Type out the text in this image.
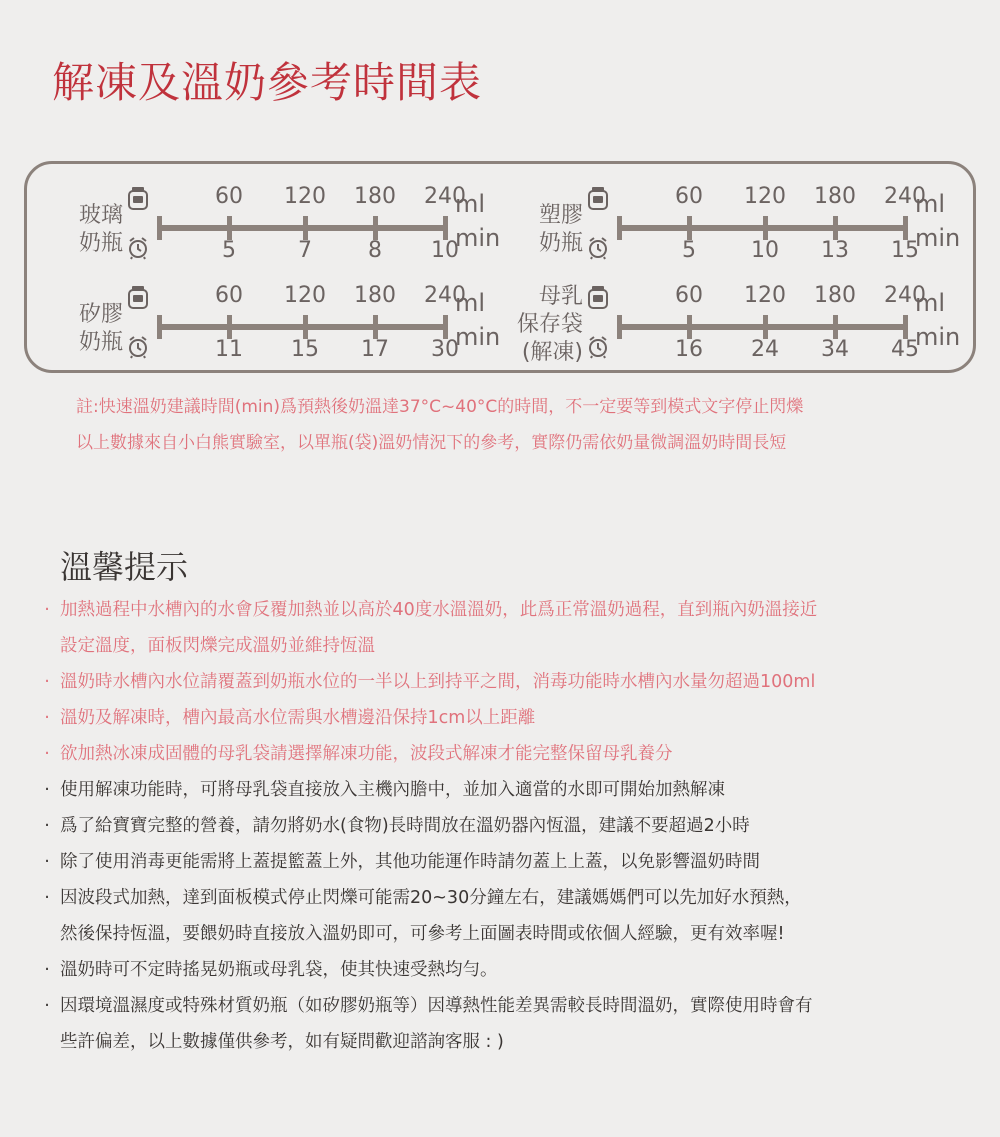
解凍及溫奶參考時間表
玻璃
奶瓶
60
5
120
7
180
8
240
10
ml
min
塑膠
奶瓶
60
5
120
10
180
13
240
15
ml
min
矽膠
奶瓶
60
11
120
15
180
17
240
30
ml
min
母乳
保存袋
(解凍)
60
16
120
24
180
34
240
45
ml
min
註:快速溫奶建議時間(min)爲預熱後奶溫達37°C~40°C的時間，不一定要等到模式文字停止閃爍
以上數據來自小白熊實驗室，以單瓶(袋)溫奶情況下的參考，實際仍需依奶量微調溫奶時間長短
溫馨提示
· 加熱過程中水槽內的水會反覆加熱並以高於40度水溫溫奶，此爲正常溫奶過程，直到瓶內奶溫接近
設定溫度，面板閃爍完成溫奶並維持恆溫
· 溫奶時水槽內水位請覆蓋到奶瓶水位的一半以上到持平之間，消毒功能時水槽內水量勿超過100ml
· 溫奶及解凍時，槽內最高水位需與水槽邊沿保持1cm以上距離
· 欲加熱冰凍成固體的母乳袋請選擇解凍功能，波段式解凍才能完整保留母乳養分
· 使用解凍功能時，可將母乳袋直接放入主機內膽中，並加入適當的水即可開始加熱解凍
· 爲了給寶寶完整的營養，請勿將奶水(食物)長時間放在溫奶器內恆溫，建議不要超過2小時
· 除了使用消毒更能需將上蓋提籃蓋上外，其他功能運作時請勿蓋上上蓋，以免影響溫奶時間
· 因波段式加熱，達到面板模式停止閃爍可能需20~30分鐘左右，建議媽媽們可以先加好水預熱，
然後保持恆溫，要餵奶時直接放入溫奶即可，可參考上面圖表時間或依個人經驗，更有效率喔!
· 溫奶時可不定時搖晃奶瓶或母乳袋，使其快速受熱均勻。
· 因環境溫濕度或特殊材質奶瓶（如矽膠奶瓶等）因導熱性能差異需較長時間溫奶，實際使用時會有
些許偏差，以上數據僅供參考，如有疑問歡迎諮詢客服 : )
